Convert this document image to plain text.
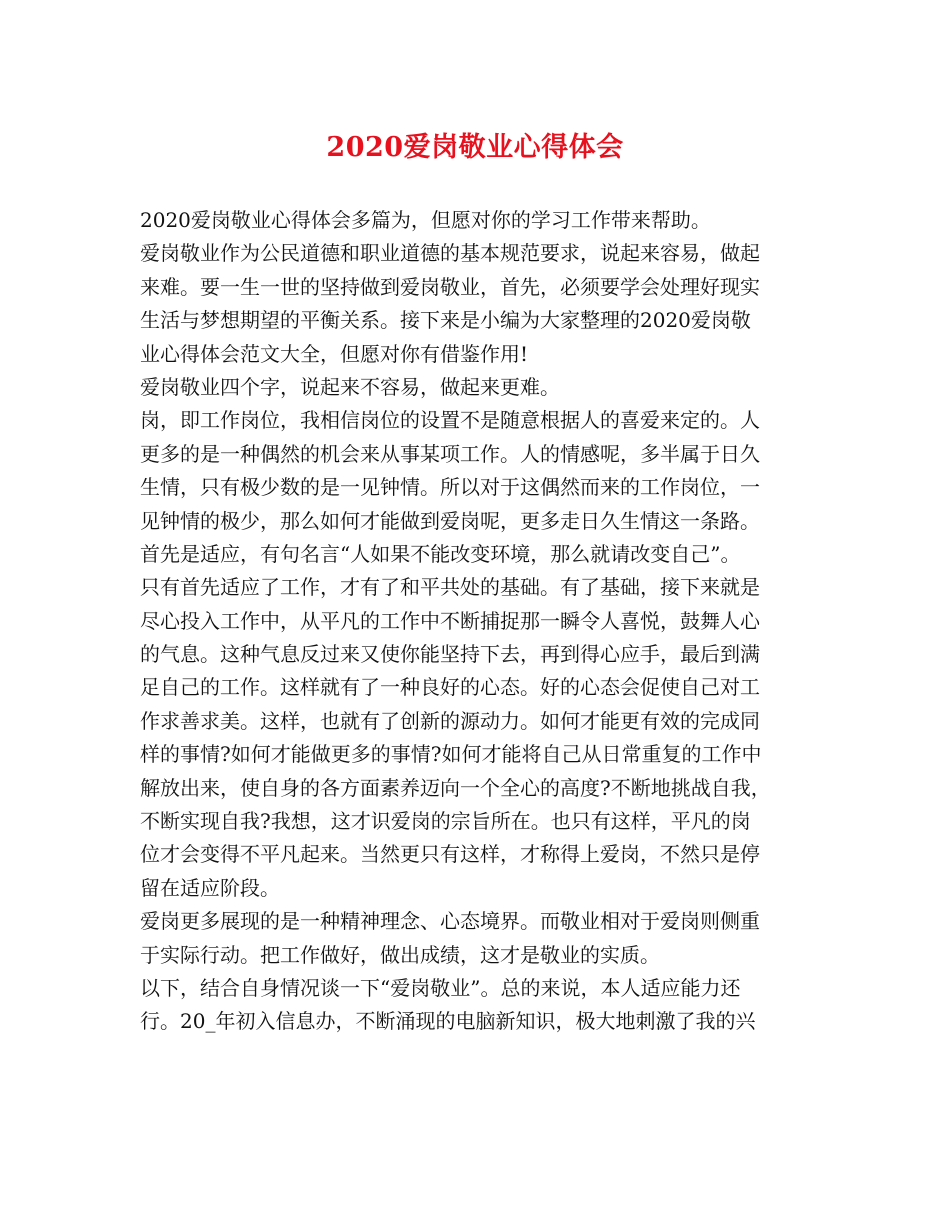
2020爱岗敬业心得体会

2020爱岗敬业心得体会多篇为，但愿对你的学习工作带来帮助。

爱岗敬业作为公民道德和职业道德的基本规范要求，说起来容易，做起

来难。要一生一世的坚持做到爱岗敬业，首先，必须要学会处理好现实

生活与梦想期望的平衡关系。接下来是小编为大家整理的2020爱岗敬

业心得体会范文大全，但愿对你有借鉴作用!

爱岗敬业四个字，说起来不容易，做起来更难。

岗，即工作岗位，我相信岗位的设置不是随意根据人的喜爱来定的。人

更多的是一种偶然的机会来从事某项工作。人的情感呢，多半属于日久

生情，只有极少数的是一见钟情。所以对于这偶然而来的工作岗位，一

见钟情的极少，那么如何才能做到爱岗呢，更多走日久生情这一条路。

首先是适应，有句名言“人如果不能改变环境，那么就请改变自己”。

只有首先适应了工作，才有了和平共处的基础。有了基础，接下来就是

尽心投入工作中，从平凡的工作中不断捕捉那一瞬令人喜悦，鼓舞人心

的气息。这种气息反过来又使你能坚持下去，再到得心应手，最后到满

足自己的工作。这样就有了一种良好的心态。好的心态会促使自己对工

作求善求美。这样，也就有了创新的源动力。如何才能更有效的完成同

样的事情?如何才能做更多的事情?如何才能将自己从日常重复的工作中

解放出来，使自身的各方面素养迈向一个全心的高度?不断地挑战自我，

不断实现自我?我想，这才识爱岗的宗旨所在。也只有这样，平凡的岗

位才会变得不平凡起来。当然更只有这样，才称得上爱岗，不然只是停

留在适应阶段。

爱岗更多展现的是一种精神理念、心态境界。而敬业相对于爱岗则侧重

于实际行动。把工作做好，做出成绩，这才是敬业的实质。

以下，结合自身情况谈一下“爱岗敬业”。总的来说，本人适应能力还

行。20_年初入信息办，不断涌现的电脑新知识，极大地刺激了我的兴
